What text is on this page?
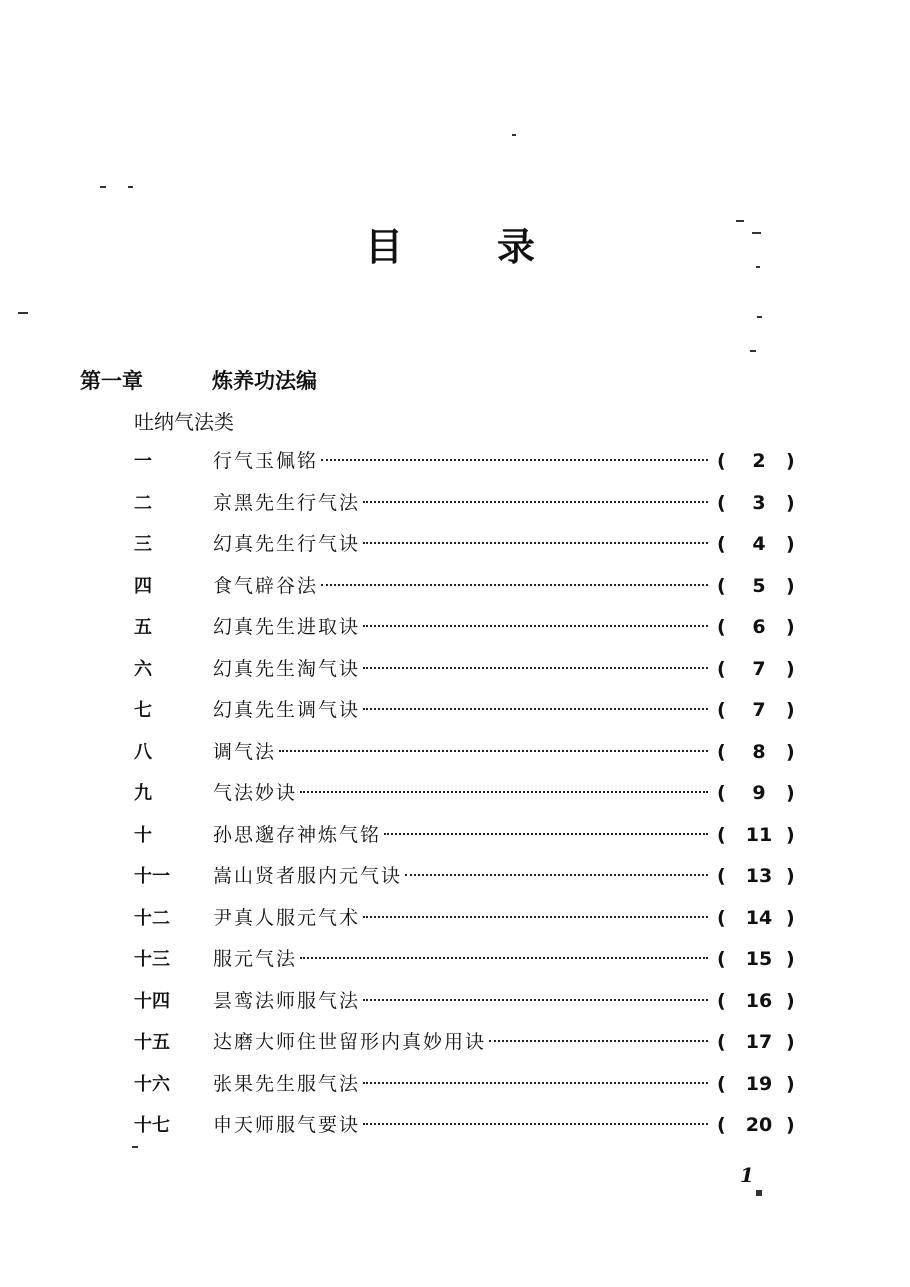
目 录
第一章	炼养功法编
吐纳气法类
一	行气玉佩铭	(	2	)
二	京黑先生行气法	(	3	)
三	幻真先生行气诀	(	4	)
四	食气辟谷法	(	5	)
五	幻真先生进取诀	(	6	)
六	幻真先生淘气诀	(	7	)
七	幻真先生调气诀	(	7	)
八	调气法	(	8	)
九	气法妙诀	(	9	)
十	孙思邈存神炼气铭	(	11 )
十一	嵩山贤者服内元气诀	(	13 )
十二	尹真人服元气术	(	14 )
十三	服元气法	(	15 )
十四	昙鸾法师服气法	(	16 )
十五	达磨大师住世留形内真妙用诀	(	17 )
十六	张果先生服气法	(	19 )
十七	申天师服气要诀	(	20 )
1
